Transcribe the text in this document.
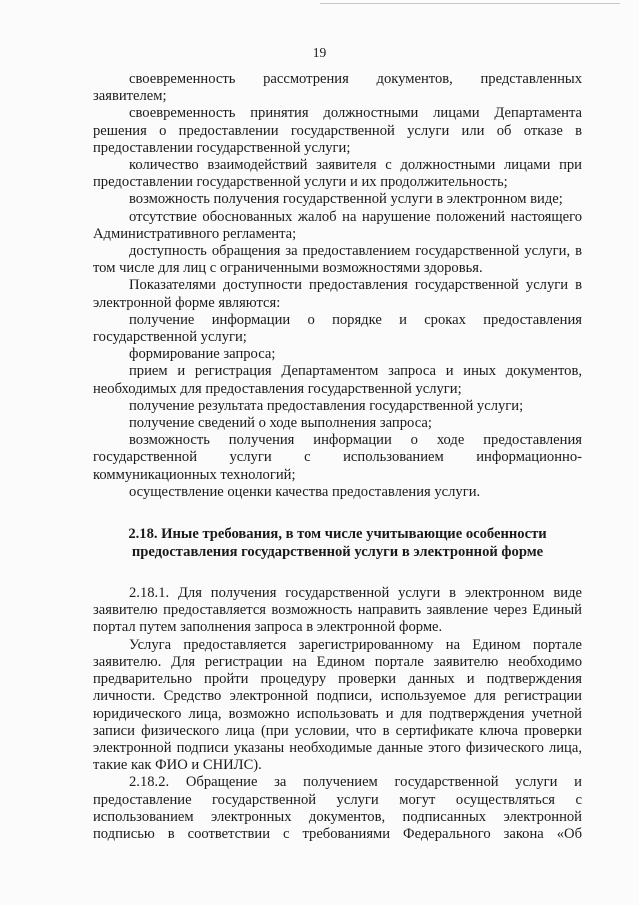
19

своевременность рассмотрения документов, представленных заявителем;

своевременность принятия должностными лицами Департамента решения о предоставлении государственной услуги или об отказе в предоставлении государственной услуги;

количество взаимодействий заявителя с должностными лицами при предоставлении государственной услуги и их продолжительность;

возможность получения государственной услуги в электронном виде;

отсутствие обоснованных жалоб на нарушение положений настоящего Административного регламента;

доступность обращения за предоставлением государственной услуги, в том числе для лиц с ограниченными возможностями здоровья.

Показателями доступности предоставления государственной услуги в электронной форме являются:

получение информации о порядке и сроках предоставления государственной услуги;

формирование запроса;

прием и регистрация Департаментом запроса и иных документов, необходимых для предоставления государственной услуги;

получение результата предоставления государственной услуги;

получение сведений о ходе выполнения запроса;

возможность получения информации о ходе предоставления государственной услуги с использованием информационно-коммуникационных технологий;

осуществление оценки качества предоставления услуги.

2.18. Иные требования, в том числе учитывающие особенности
предоставления государственной услуги в электронной форме

2.18.1. Для получения государственной услуги в электронном виде заявителю предоставляется возможность направить заявление через Единый портал путем заполнения запроса в электронной форме.

Услуга предоставляется зарегистрированному на Едином портале заявителю. Для регистрации на Едином портале заявителю необходимо предварительно пройти процедуру проверки данных и подтверждения личности. Средство электронной подписи, используемое для регистрации юридического лица, возможно использовать и для подтверждения учетной записи физического лица (при условии, что в сертификате ключа проверки электронной подписи указаны необходимые данные этого физического лица, такие как ФИО и СНИЛС).

2.18.2. Обращение за получением государственной услуги и предоставление государственной услуги могут осуществляться с использованием электронных документов, подписанных электронной подписью в соответствии с требованиями Федерального закона «Об
